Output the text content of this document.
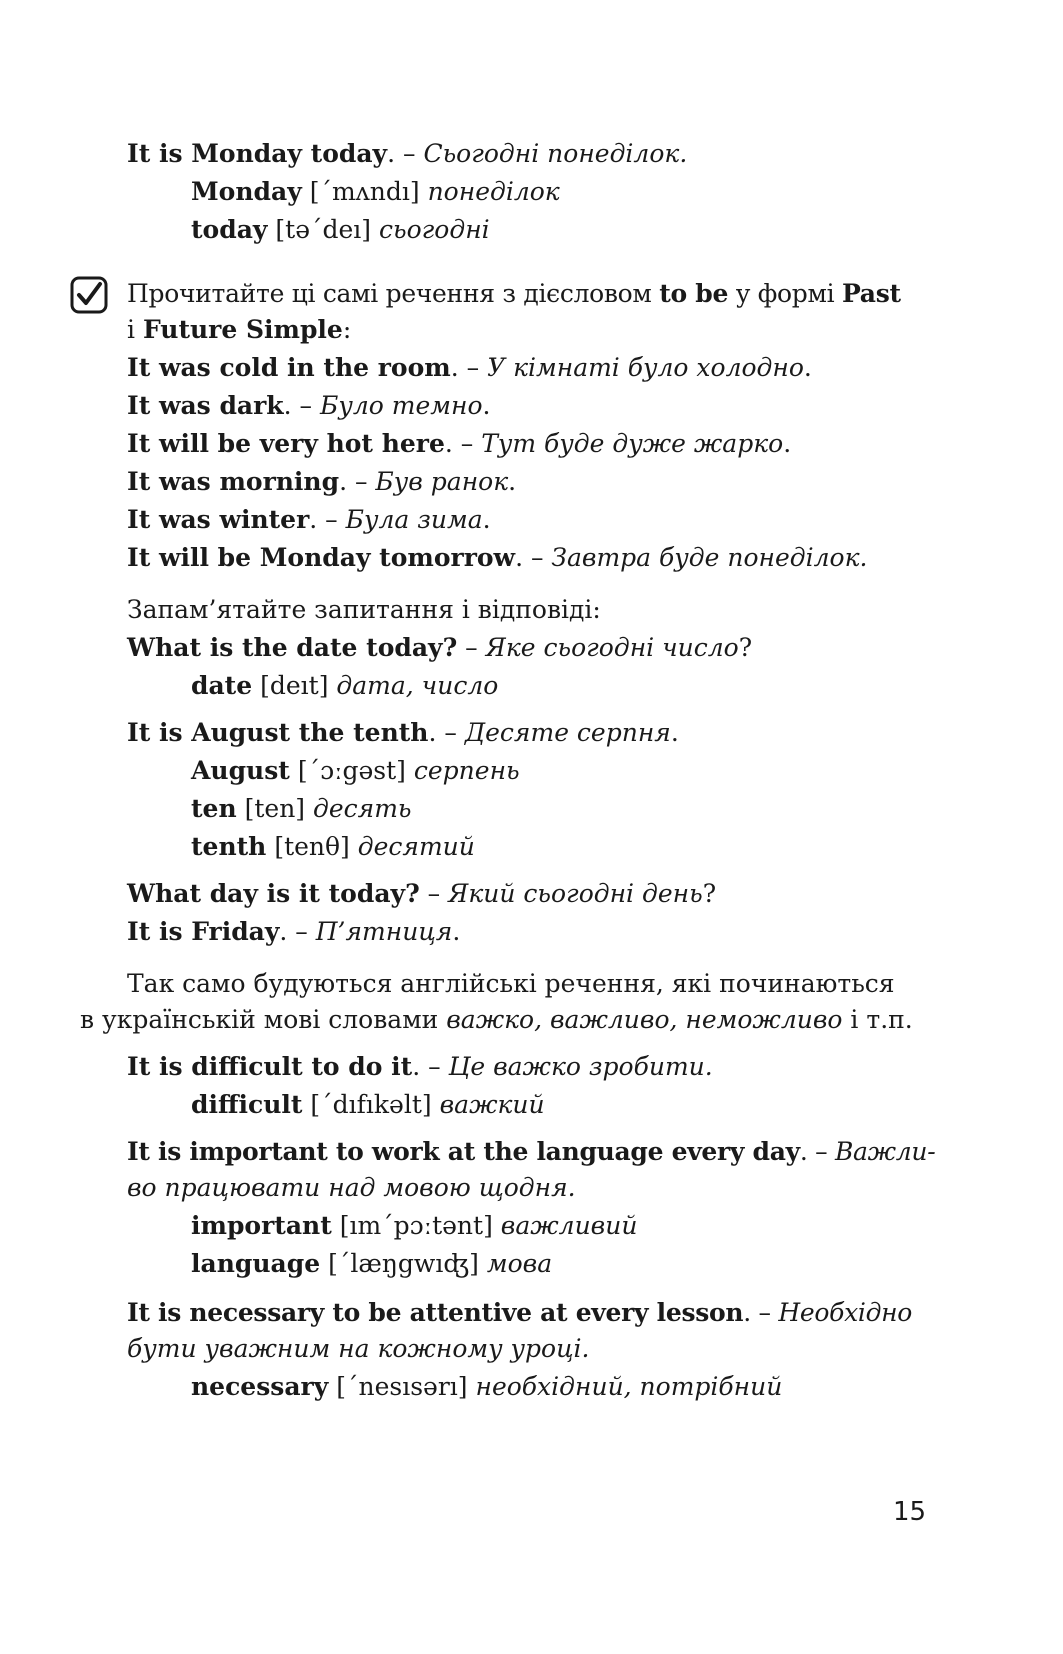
It is Monday today. – Сьогодні понеділок.
Monday [΄mʌndı] понеділок
today [tə΄deı] сьогодні
Прочитайте ці самі речення з дієсловом to be у формі Past
і Future Simple:
It was cold in the room. – У кімнаті було холодно.
It was dark. – Було темно.
It will be very hot here. – Тут буде дуже жарко.
It was morning. – Був ранок.
It was winter. – Була зима.
It will be Monday tomorrow. – Завтра буде понеділок.
Запам’ятайте запитання і відповіді:
What is the date today? – Яке сьогодні число?
date [deıt] дата, число
It is August the tenth. – Десяте серпня.
August [΄ɔːgəst] серпень
ten [ten] десять
tenth [tenθ] десятий
What day is it today? – Який сьогодні день?
It is Friday. – П’ятниця.
Так само будуються англійські речення, які починаються
в українській мові словами важко, важливо, неможливо і т.п.
It is difficult to do it. – Це важко зробити.
difficult [΄dıfıkəlt] важкий
It is important to work at the language every day. – Важли-
во працювати над мовою щодня.
important [ım΄pɔːtənt] важливий
language [΄læŋgwıʤ] мова
It is necessary to be attentive at every lesson. – Необхідно
бути уважним на кожному уроці.
necessary [΄nesısərı] необхідний, потрібний
15
